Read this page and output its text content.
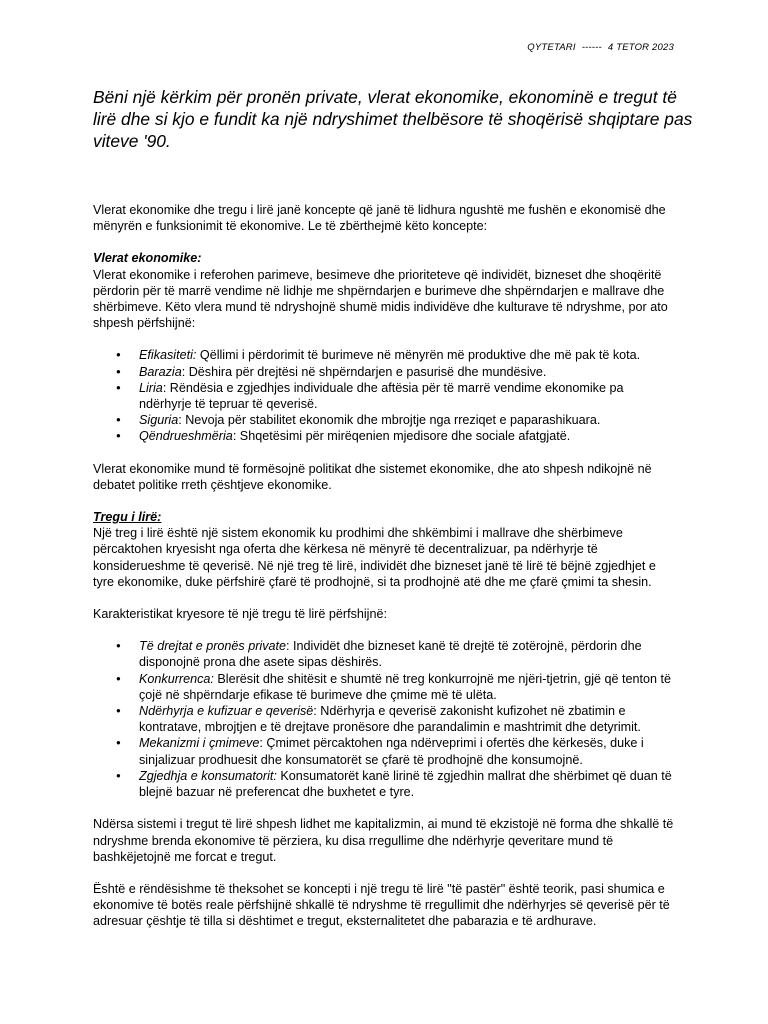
QYTETARI ------ 4 TETOR 2023
Bëni një kërkim për pronën private, vlerat ekonomike, ekonominë e tregut të lirë dhe si kjo e fundit ka një ndryshimet thelbësore të shoqërisë shqiptare pas viteve '90.

Vlerat ekonomike dhe tregu i lirë janë koncepte që janë të lidhura ngushtë me fushën e ekonomisë dhe mënyrën e funksionimit të ekonomive. Le të zbërthejmë këto koncepte:

Vlerat ekonomike:

Vlerat ekonomike i referohen parimeve, besimeve dhe prioriteteve që individët, bizneset dhe shoqëritë përdorin për të marrë vendime në lidhje me shpërndarjen e burimeve dhe shpërndarjen e mallrave dhe shërbimeve. Këto vlera mund të ndryshojnë shumë midis individëve dhe kulturave të ndryshme, por ato shpesh përfshijnë:

● Efikasiteti: Qëllimi i përdorimit të burimeve në mënyrën më produktive dhe më pak të kota.
● Barazia: Dëshira për drejtësi në shpërndarjen e pasurisë dhe mundësive.
● Liria: Rëndësia e zgjedhjes individuale dhe aftësia për të marrë vendime ekonomike pa ndërhyrje të tepruar të qeverisë.
● Siguria: Nevoja për stabilitet ekonomik dhe mbrojtje nga rreziqet e paparashikuara.
● Qëndrueshmëria: Shqetësimi për mirëqenien mjedisore dhe sociale afatgjatë.

Vlerat ekonomike mund të formësojnë politikat dhe sistemet ekonomike, dhe ato shpesh ndikojnë në debatet politike rreth çështjeve ekonomike.

Tregu i lirë:

Një treg i lirë është një sistem ekonomik ku prodhimi dhe shkëmbimi i mallrave dhe shërbimeve përcaktohen kryesisht nga oferta dhe kërkesa në mënyrë të decentralizuar, pa ndërhyrje të konsiderueshme të qeverisë. Në një treg të lirë, individët dhe bizneset janë të lirë të bëjnë zgjedhjet e tyre ekonomike, duke përfshirë çfarë të prodhojnë, si ta prodhojnë atë dhe me çfarë çmimi ta shesin.

Karakteristikat kryesore të një tregu të lirë përfshijnë:

● Të drejtat e pronës private: Individët dhe bizneset kanë të drejtë të zotërojnë, përdorin dhe disponojnë prona dhe asete sipas dëshirës.
● Konkurrenca: Blerësit dhe shitësit e shumtë në treg konkurrojnë me njëri-tjetrin, gjë që tenton të çojë në shpërndarje efikase të burimeve dhe çmime më të ulëta.
● Ndërhyrja e kufizuar e qeverisë: Ndërhyrja e qeverisë zakonisht kufizohet në zbatimin e kontratave, mbrojtjen e të drejtave pronësore dhe parandalimin e mashtrimit dhe detyrimit.
● Mekanizmi i çmimeve: Çmimet përcaktohen nga ndërveprimi i ofertës dhe kërkesës, duke i sinjalizuar prodhuesit dhe konsumatorët se çfarë të prodhojnë dhe konsumojnë.
● Zgjedhja e konsumatorit: Konsumatorët kanë lirinë të zgjedhin mallrat dhe shërbimet që duan të blejnë bazuar në preferencat dhe buxhetet e tyre.

Ndërsa sistemi i tregut të lirë shpesh lidhet me kapitalizmin, ai mund të ekzistojë në forma dhe shkallë të ndryshme brenda ekonomive të përziera, ku disa rregullime dhe ndërhyrje qeveritare mund të bashkëjetojnë me forcat e tregut.

Është e rëndësishme të theksohet se koncepti i një tregu të lirë "të pastër" është teorik, pasi shumica e ekonomive të botës reale përfshijnë shkallë të ndryshme të rregullimit dhe ndërhyrjes së qeverisë për të adresuar çështje të tilla si dështimet e tregut, eksternalitetet dhe pabarazia e të ardhurave.
